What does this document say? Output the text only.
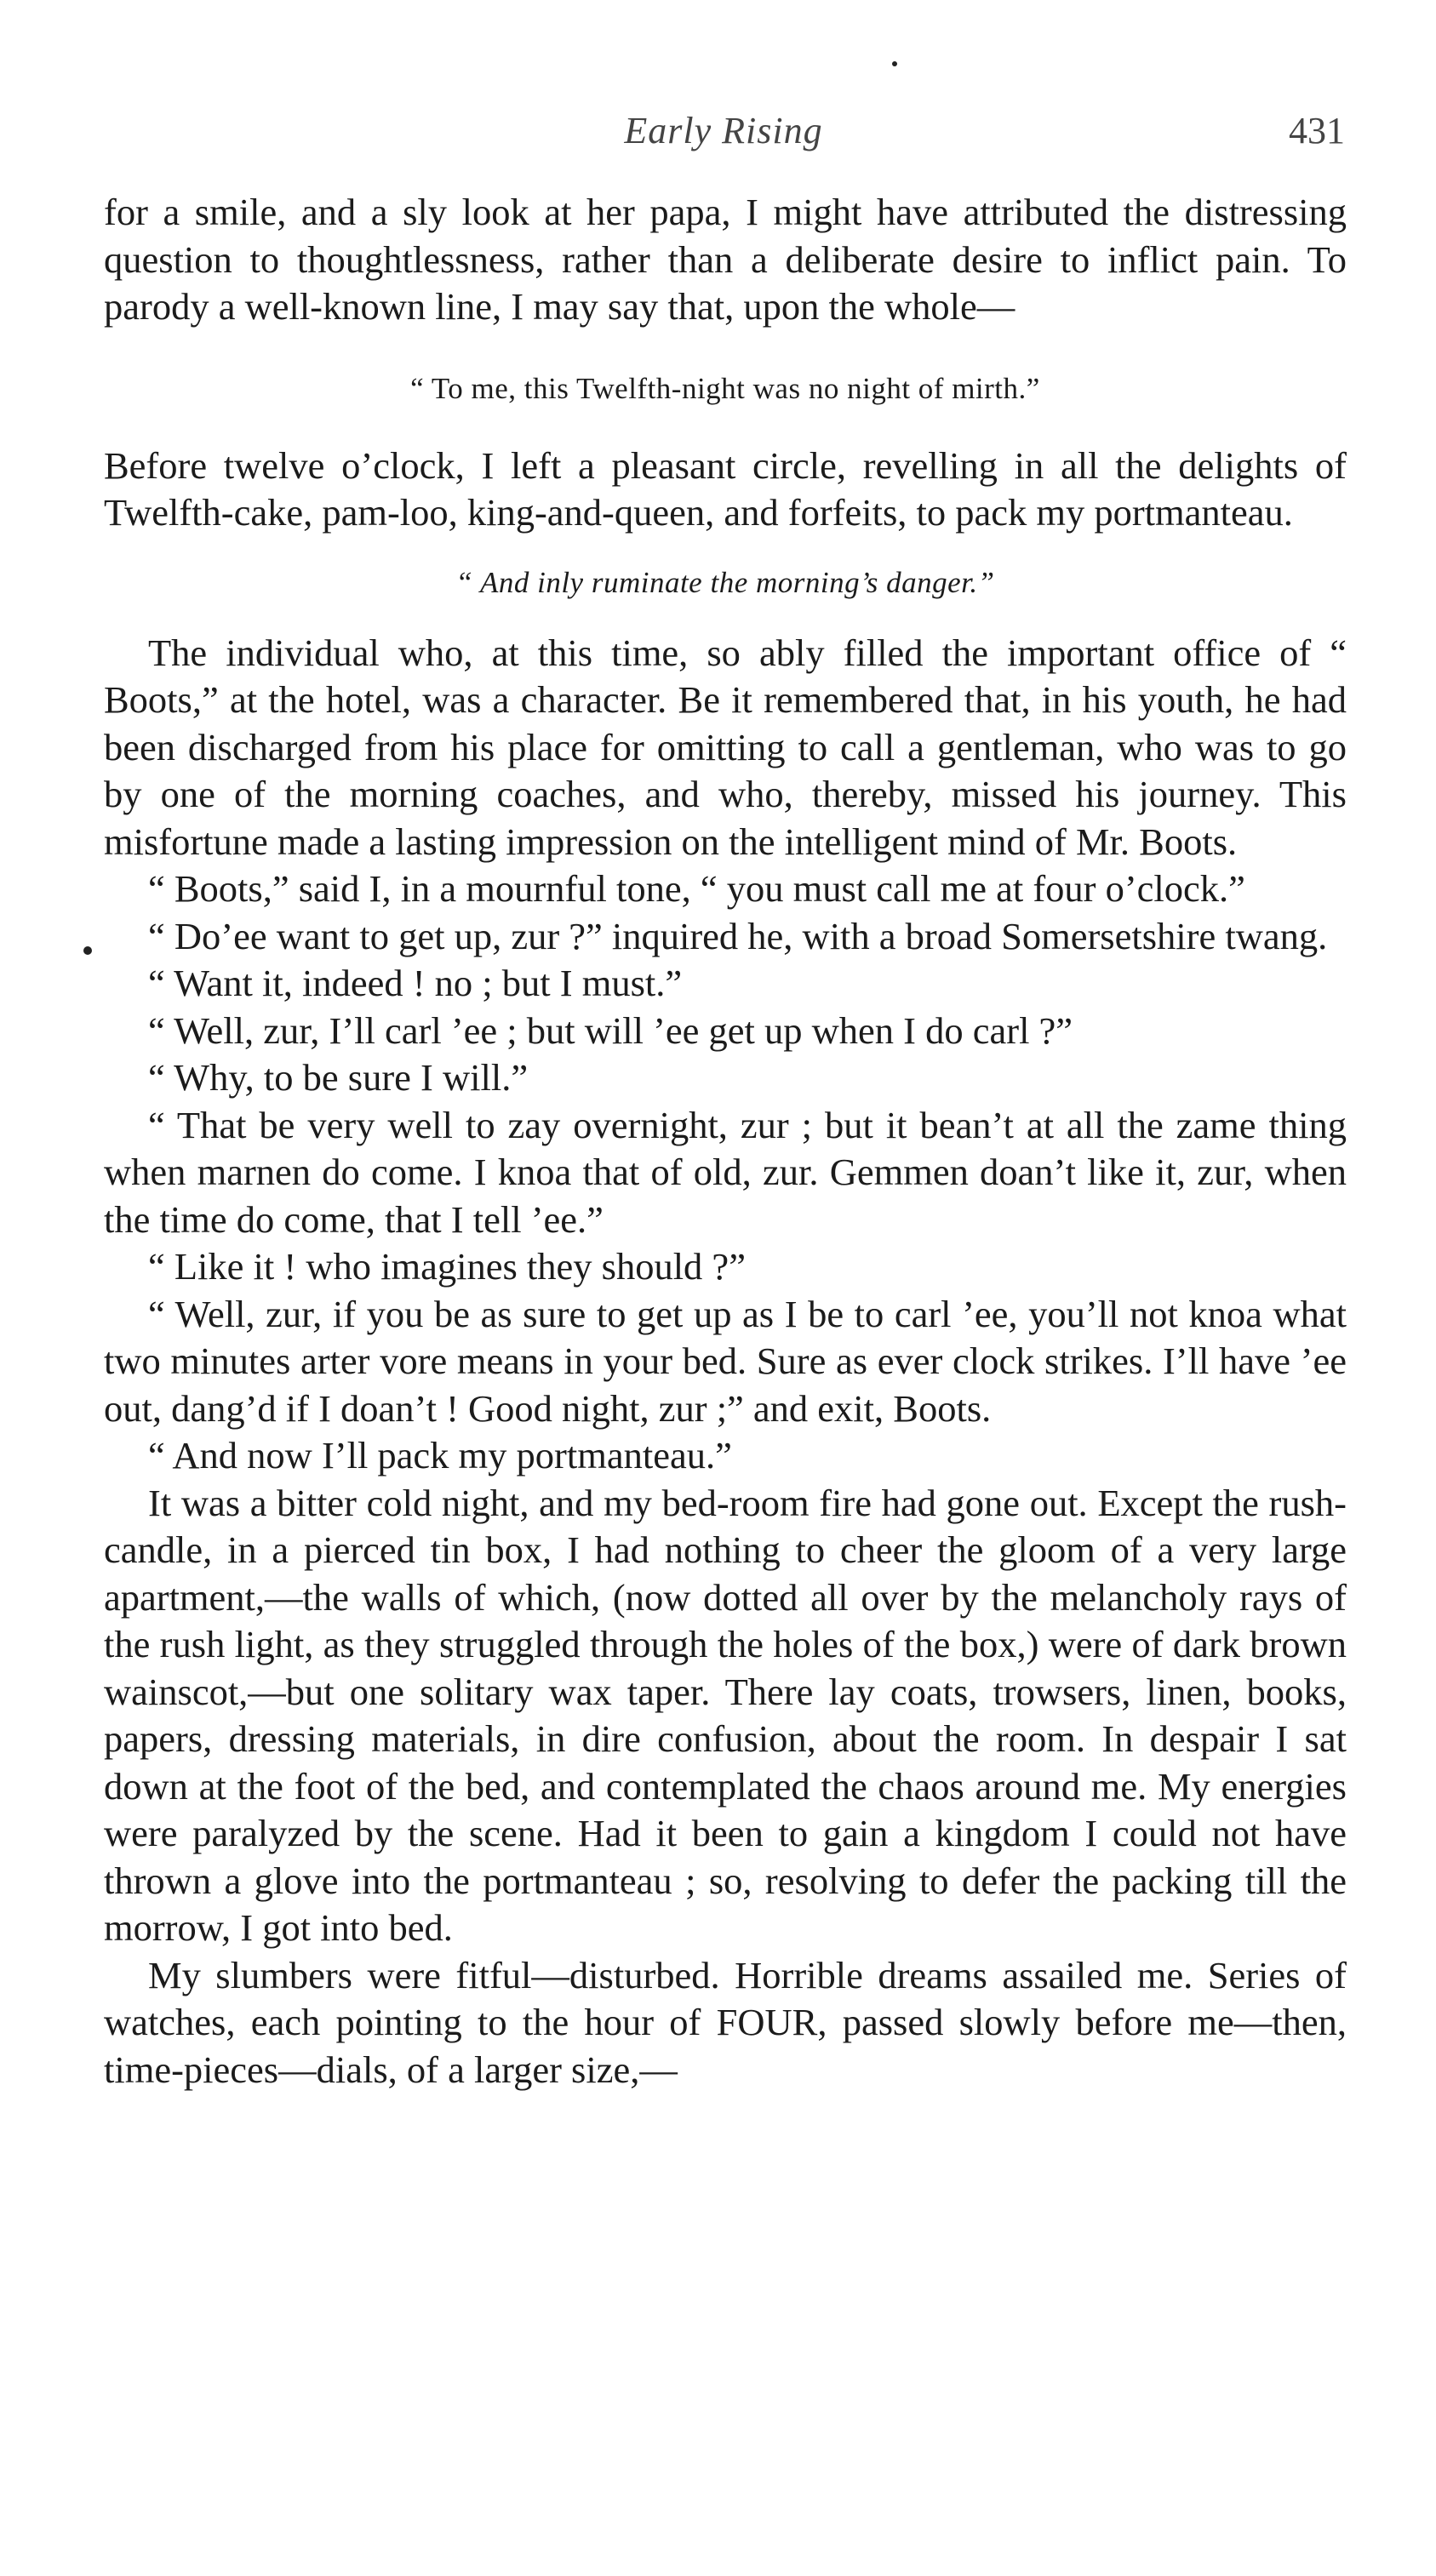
Early Rising	431

for a smile, and a sly look at her papa, I might have attributed the distressing question to thoughtlessness, rather than a deliberate desire to inflict pain. To parody a well-known line, I may say that, upon the whole—

“ To me, this Twelfth-night was no night of mirth.”

Before twelve o’clock, I left a pleasant circle, revelling in all the delights of Twelfth-cake, pam-loo, king-and-queen, and forfeits, to pack my portmanteau.

“ And inly ruminate the morning’s danger.”

The individual who, at this time, so ably filled the important office of “ Boots,” at the hotel, was a character. Be it remembered that, in his youth, he had been discharged from his place for omitting to call a gentleman, who was to go by one of the morning coaches, and who, thereby, missed his journey. This misfortune made a lasting impression on the intelligent mind of Mr. Boots.

“ Boots,” said I, in a mournful tone, “ you must call me at four o’clock.”

“ Do’ee want to get up, zur ?” inquired he, with a broad Somersetshire twang.

“ Want it, indeed ! no ; but I must.”

“ Well, zur, I’ll carl ’ee ; but will ’ee get up when I do carl ?”

“ Why, to be sure I will.”

“ That be very well to zay overnight, zur ; but it bean’t at all the zame thing when marnen do come. I knoa that of old, zur. Gemmen doan’t like it, zur, when the time do come, that I tell ’ee.”

“ Like it ! who imagines they should ?”

“ Well, zur, if you be as sure to get up as I be to carl ’ee, you’ll not knoa what two minutes arter vore means in your bed. Sure as ever clock strikes. I’ll have ’ee out, dang’d if I doan’t ! Good night, zur ;” and exit, Boots.

“ And now I’ll pack my portmanteau.”

It was a bitter cold night, and my bed-room fire had gone out. Except the rush-candle, in a pierced tin box, I had nothing to cheer the gloom of a very large apartment,—the walls of which, (now dotted all over by the melancholy rays of the rush light, as they struggled through the holes of the box,) were of dark brown wainscot,—but one solitary wax taper. There lay coats, trowsers, linen, books, papers, dressing materials, in dire confusion, about the room. In despair I sat down at the foot of the bed, and contemplated the chaos around me. My energies were paralyzed by the scene. Had it been to gain a kingdom I could not have thrown a glove into the portmanteau ; so, resolving to defer the packing till the morrow, I got into bed.

My slumbers were fitful—disturbed. Horrible dreams assailed me. Series of watches, each pointing to the hour of FOUR, passed slowly before me—then, time-pieces—dials, of a larger size,—
